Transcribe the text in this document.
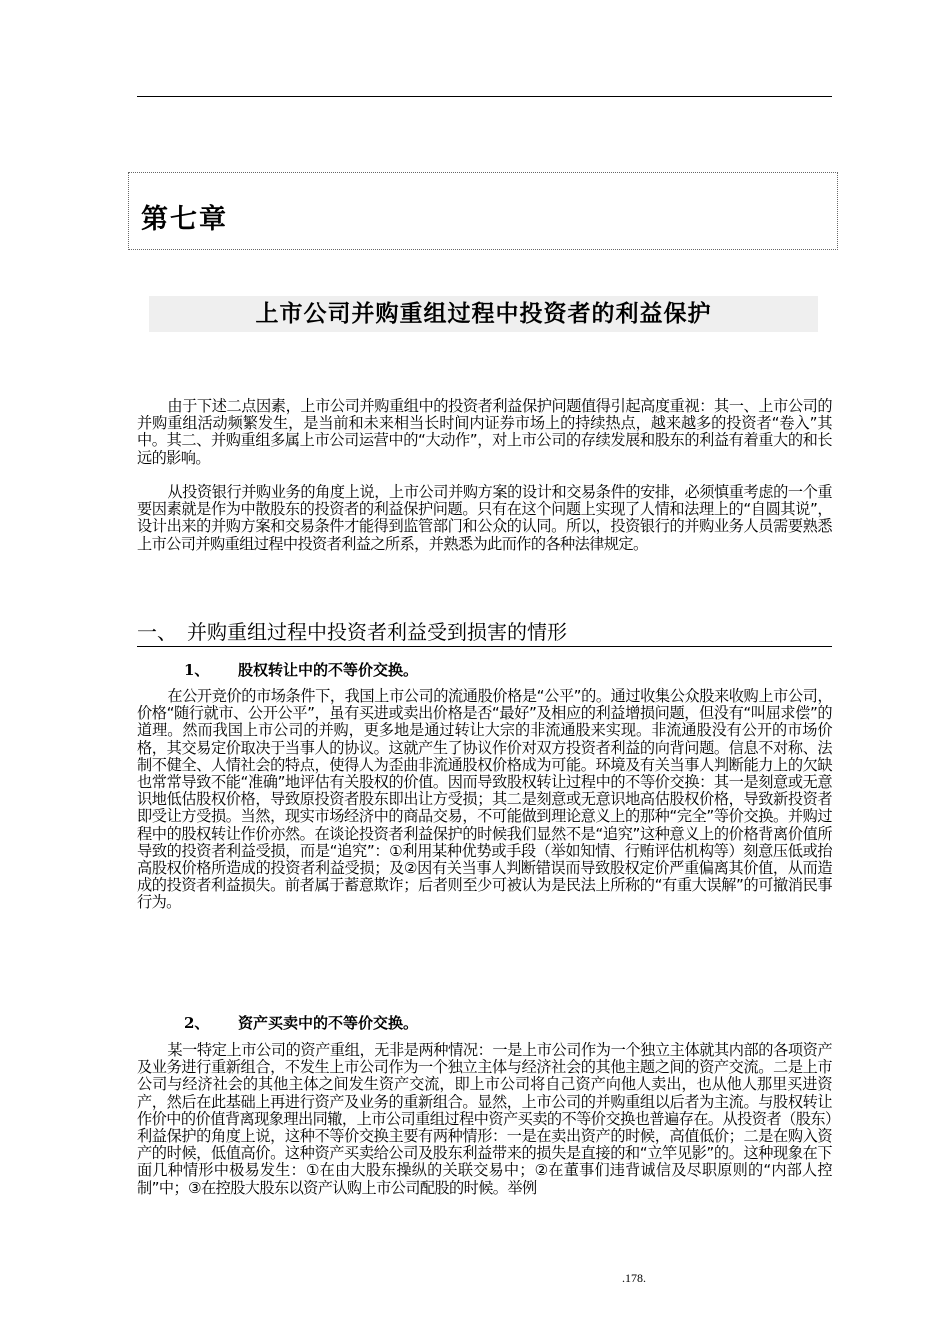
第七章
上市公司并购重组过程中投资者的利益保护

由于下述二点因素，上市公司并购重组中的投资者利益保护问题值得引起高度重视：其一、上市公司的并购重组活动频繁发生，是当前和未来相当长时间内证券市场上的持续热点，越来越多的投资者“卷入”其中。其二、并购重组多属上市公司运营中的“大动作”，对上市公司的存续发展和股东的利益有着重大的和长远的影响。

从投资银行并购业务的角度上说，上市公司并购方案的设计和交易条件的安排，必须慎重考虑的一个重要因素就是作为中散股东的投资者的利益保护问题。只有在这个问题上实现了人情和法理上的“自圆其说”，设计出来的并购方案和交易条件才能得到监管部门和公众的认同。所以，投资银行的并购业务人员需要熟悉上市公司并购重组过程中投资者利益之所系，并熟悉为此而作的各种法律规定。

一、 并购重组过程中投资者利益受到损害的情形
1、 股权转让中的不等价交换。

在公开竞价的市场条件下，我国上市公司的流通股价格是“公平”的。通过收集公众股来收购上市公司，价格“随行就市、公开公平”，虽有买进或卖出价格是否“最好”及相应的利益增损问题，但没有“叫屈求偿”的道理。然而我国上市公司的并购，更多地是通过转让大宗的非流通股来实现。非流通股没有公开的市场价格，其交易定价取决于当事人的协议。这就产生了协议作价对双方投资者利益的向背问题。信息不对称、法制不健全、人情社会的特点，使得人为歪曲非流通股权价格成为可能。环境及有关当事人判断能力上的欠缺也常常导致不能“准确”地评估有关股权的价值。因而导致股权转让过程中的不等价交换：其一是刻意或无意识地低估股权价格，导致原投资者股东即出让方受损；其二是刻意或无意识地高估股权价格，导致新投资者即受让方受损。当然，现实市场经济中的商品交易，不可能做到理论意义上的那种“完全”等价交换。并购过程中的股权转让作价亦然。在谈论投资者利益保护的时候我们显然不是“追究”这种意义上的价格背离价值所导致的投资者利益受损，而是“追究”：①利用某种优势或手段（举如知情、行贿评估机构等）刻意压低或抬高股权价格所造成的投资者利益受损；及②因有关当事人判断错误而导致股权定价严重偏离其价值，从而造成的投资者利益损失。前者属于蓄意欺诈；后者则至少可被认为是民法上所称的“有重大误解”的可撤消民事行为。

2、 资产买卖中的不等价交换。

某一特定上市公司的资产重组，无非是两种情况：一是上市公司作为一个独立主体就其内部的各项资产及业务进行重新组合，不发生上市公司作为一个独立主体与经济社会的其他主题之间的资产交流。二是上市公司与经济社会的其他主体之间发生资产交流，即上市公司将自己资产向他人卖出，也从他人那里买进资产，然后在此基础上再进行资产及业务的重新组合。显然，上市公司的并购重组以后者为主流。与股权转让作价中的价值背离现象理出同辙，上市公司重组过程中资产买卖的不等价交换也普遍存在。从投资者（股东）利益保护的角度上说，这种不等价交换主要有两种情形：一是在卖出资产的时候，高值低价；二是在购入资产的时候，低值高价。这种资产买卖给公司及股东利益带来的损失是直接的和“立竿见影”的。这种现象在下面几种情形中极易发生：①在由大股东操纵的关联交易中；②在董事们违背诚信及尽职原则的“内部人控制”中；③在控股大股东以资产认购上市公司配股的时候。举例

.178.
